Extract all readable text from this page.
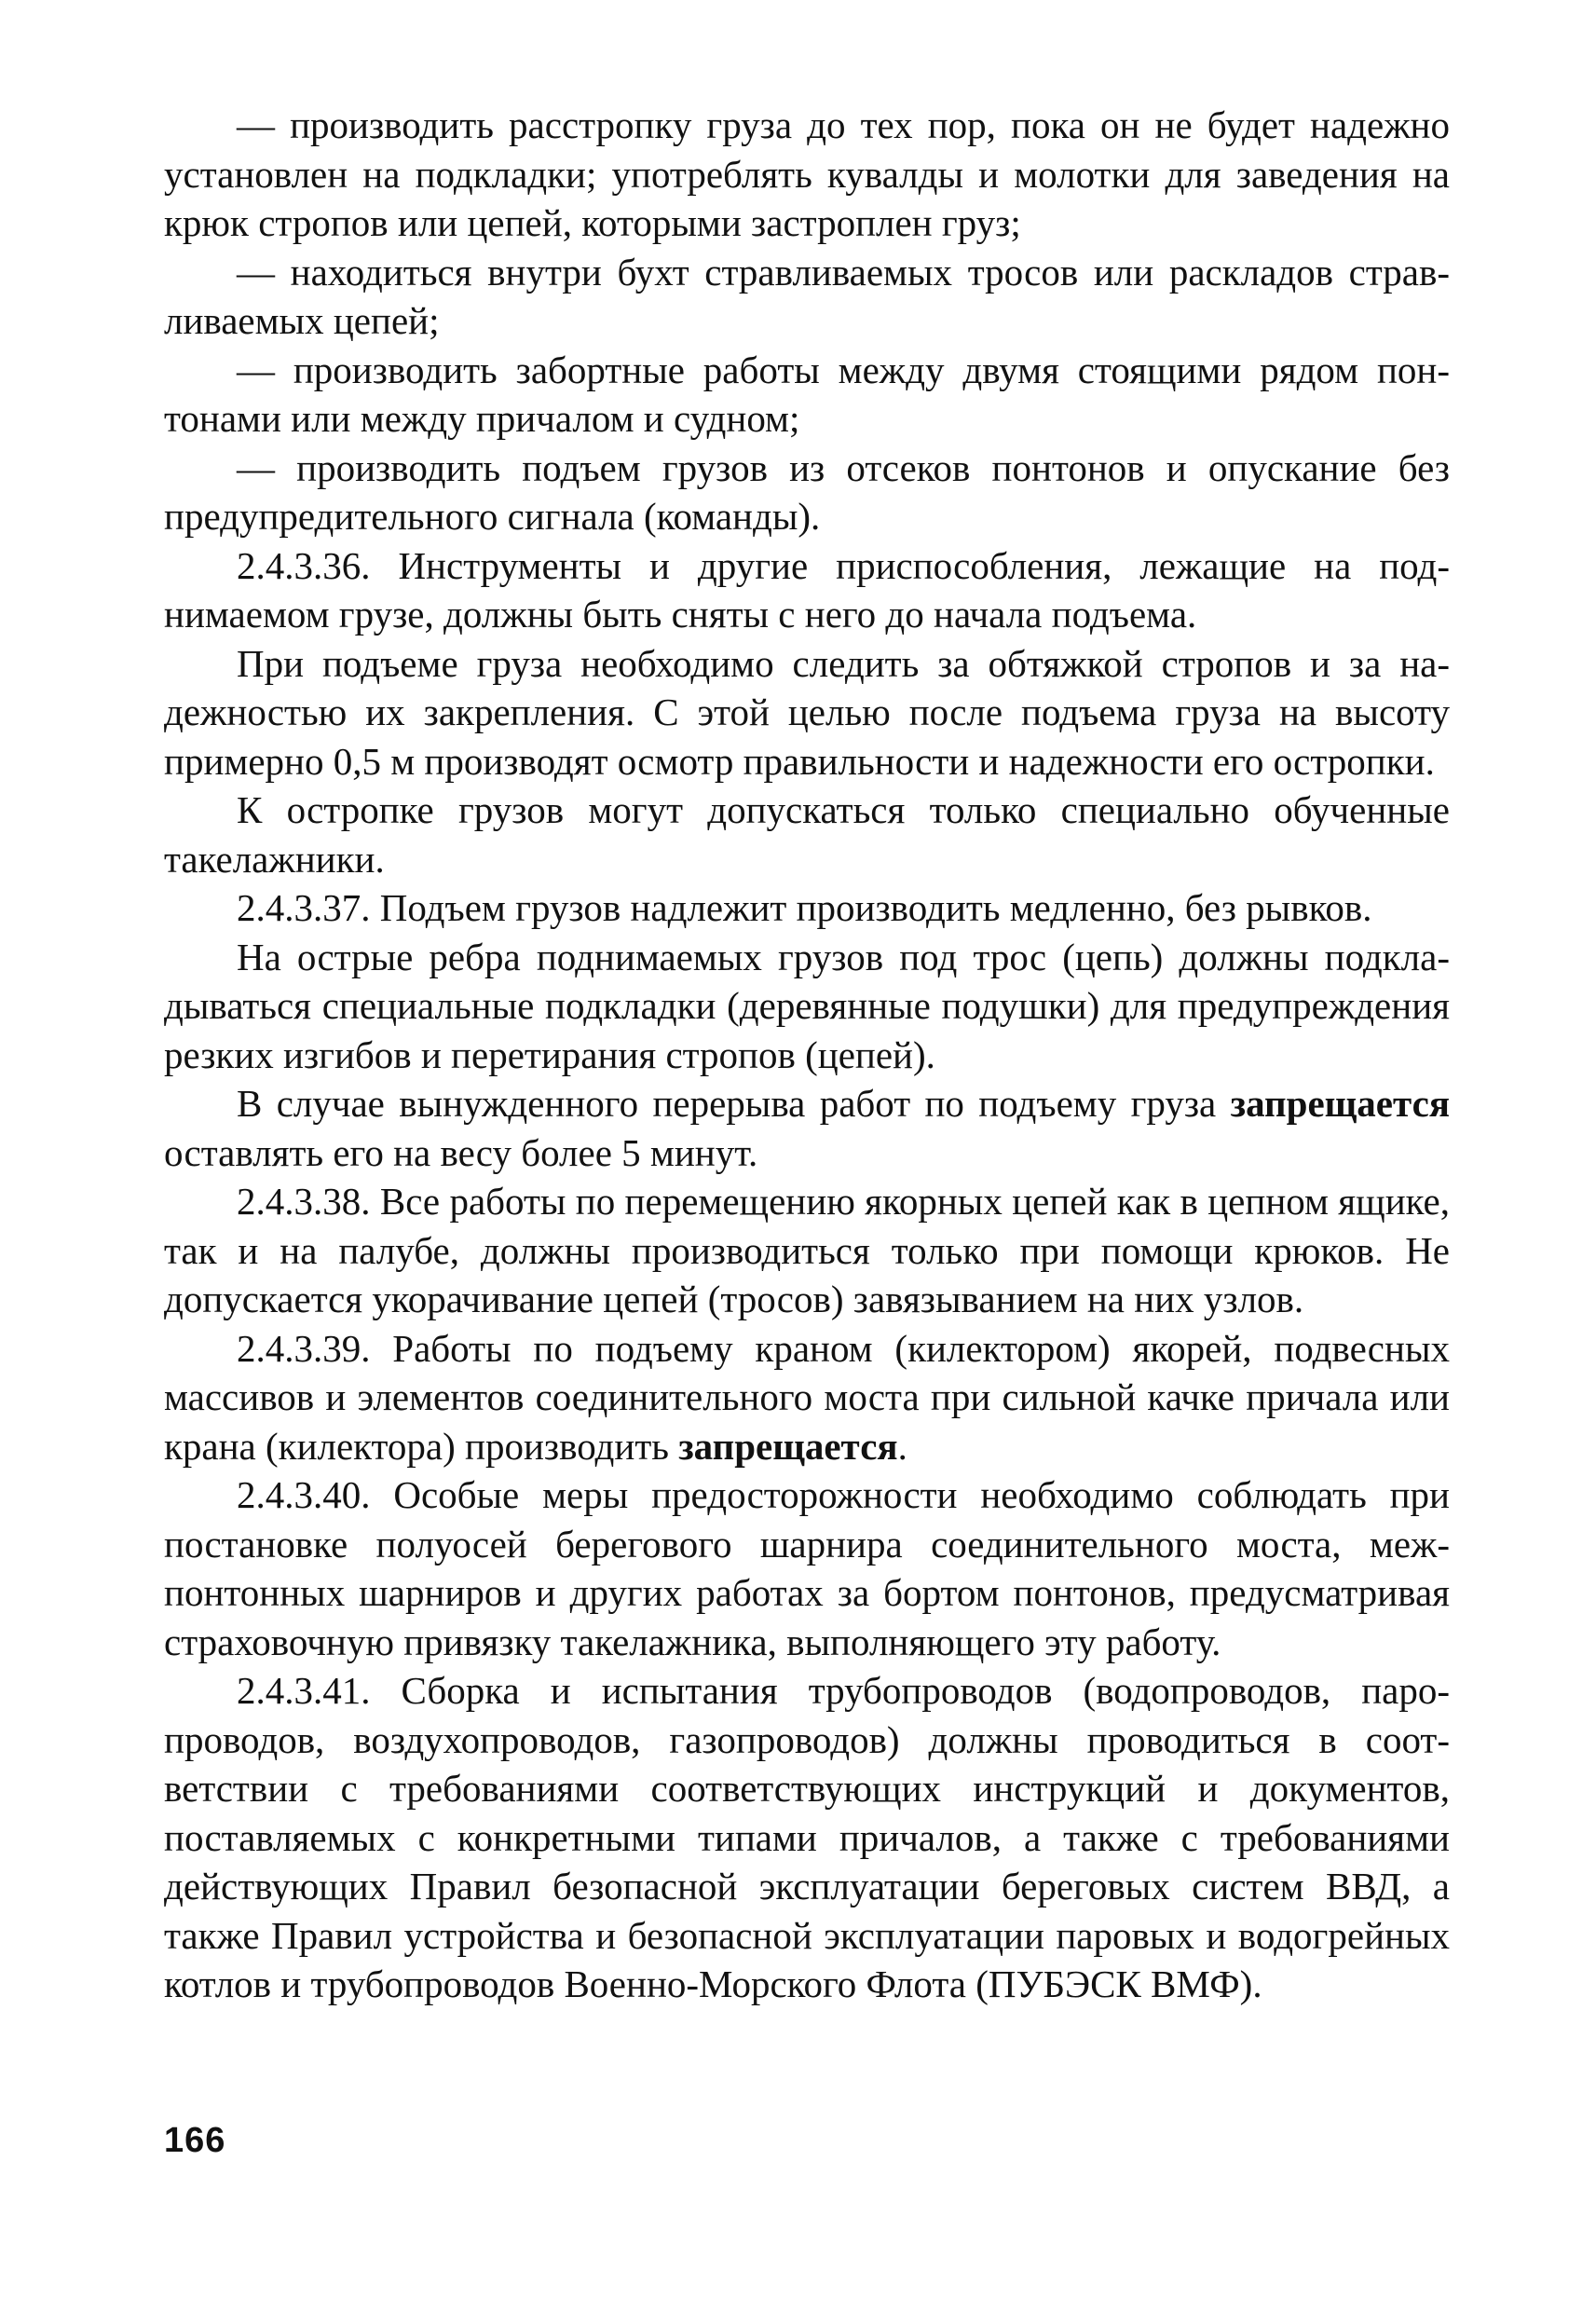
— производить расстропку груза до тех пор, пока он не будет надежно установлен на подкладки; употреблять кувалды и молотки для заведения на крюк стропов или цепей, которыми застроплен груз;

— находиться внутри бухт стравливаемых тросов или раскладов стравливаемых цепей;

— производить забортные работы между двумя стоящими рядом понтонами или между причалом и судном;

— производить подъем грузов из отсеков понтонов и опускание без предупредительного сигнала (команды).

2.4.3.36. Инструменты и другие приспособления, лежащие на поднимаемом грузе, должны быть сняты с него до начала подъема.

При подъеме груза необходимо следить за обтяжкой стропов и за надежностью их закрепления. С этой целью после подъема груза на высоту примерно 0,5 м производят осмотр правильности и надежности его остропки.

К остропке грузов могут допускаться только специально обученные такелажники.

2.4.3.37. Подъем грузов надлежит производить медленно, без рывков.

На острые ребра поднимаемых грузов под трос (цепь) должны подкладываться специальные подкладки (деревянные подушки) для предупреждения резких изгибов и перетирания стропов (цепей).

В случае вынужденного перерыва работ по подъему груза запрещается оставлять его на весу более 5 минут.

2.4.3.38. Все работы по перемещению якорных цепей как в цепном ящике, так и на палубе, должны производиться только при помощи крюков. Не допускается укорачивание цепей (тросов) завязыванием на них узлов.

2.4.3.39. Работы по подъему краном (килектором) якорей, подвесных массивов и элементов соединительного моста при сильной качке причала или крана (килектора) производить запрещается.

2.4.3.40. Особые меры предосторожности необходимо соблюдать при постановке полуосей берегового шарнира соединительного моста, межпонтонных шарниров и других работах за бортом понтонов, предусматривая страховочную привязку такелажника, выполняющего эту работу.

2.4.3.41. Сборка и испытания трубопроводов (водопроводов, паропроводов, воздухопроводов, газопроводов) должны проводиться в соответствии с требованиями соответствующих инструкций и документов, поставляемых с конкретными типами причалов, а также с требованиями действующих Правил безопасной эксплуатации береговых систем ВВД, а также Правил устройства и безопасной эксплуатации паровых и водогрейных котлов и трубопроводов Военно-Морского Флота (ПУБЭСК ВМФ).

166
